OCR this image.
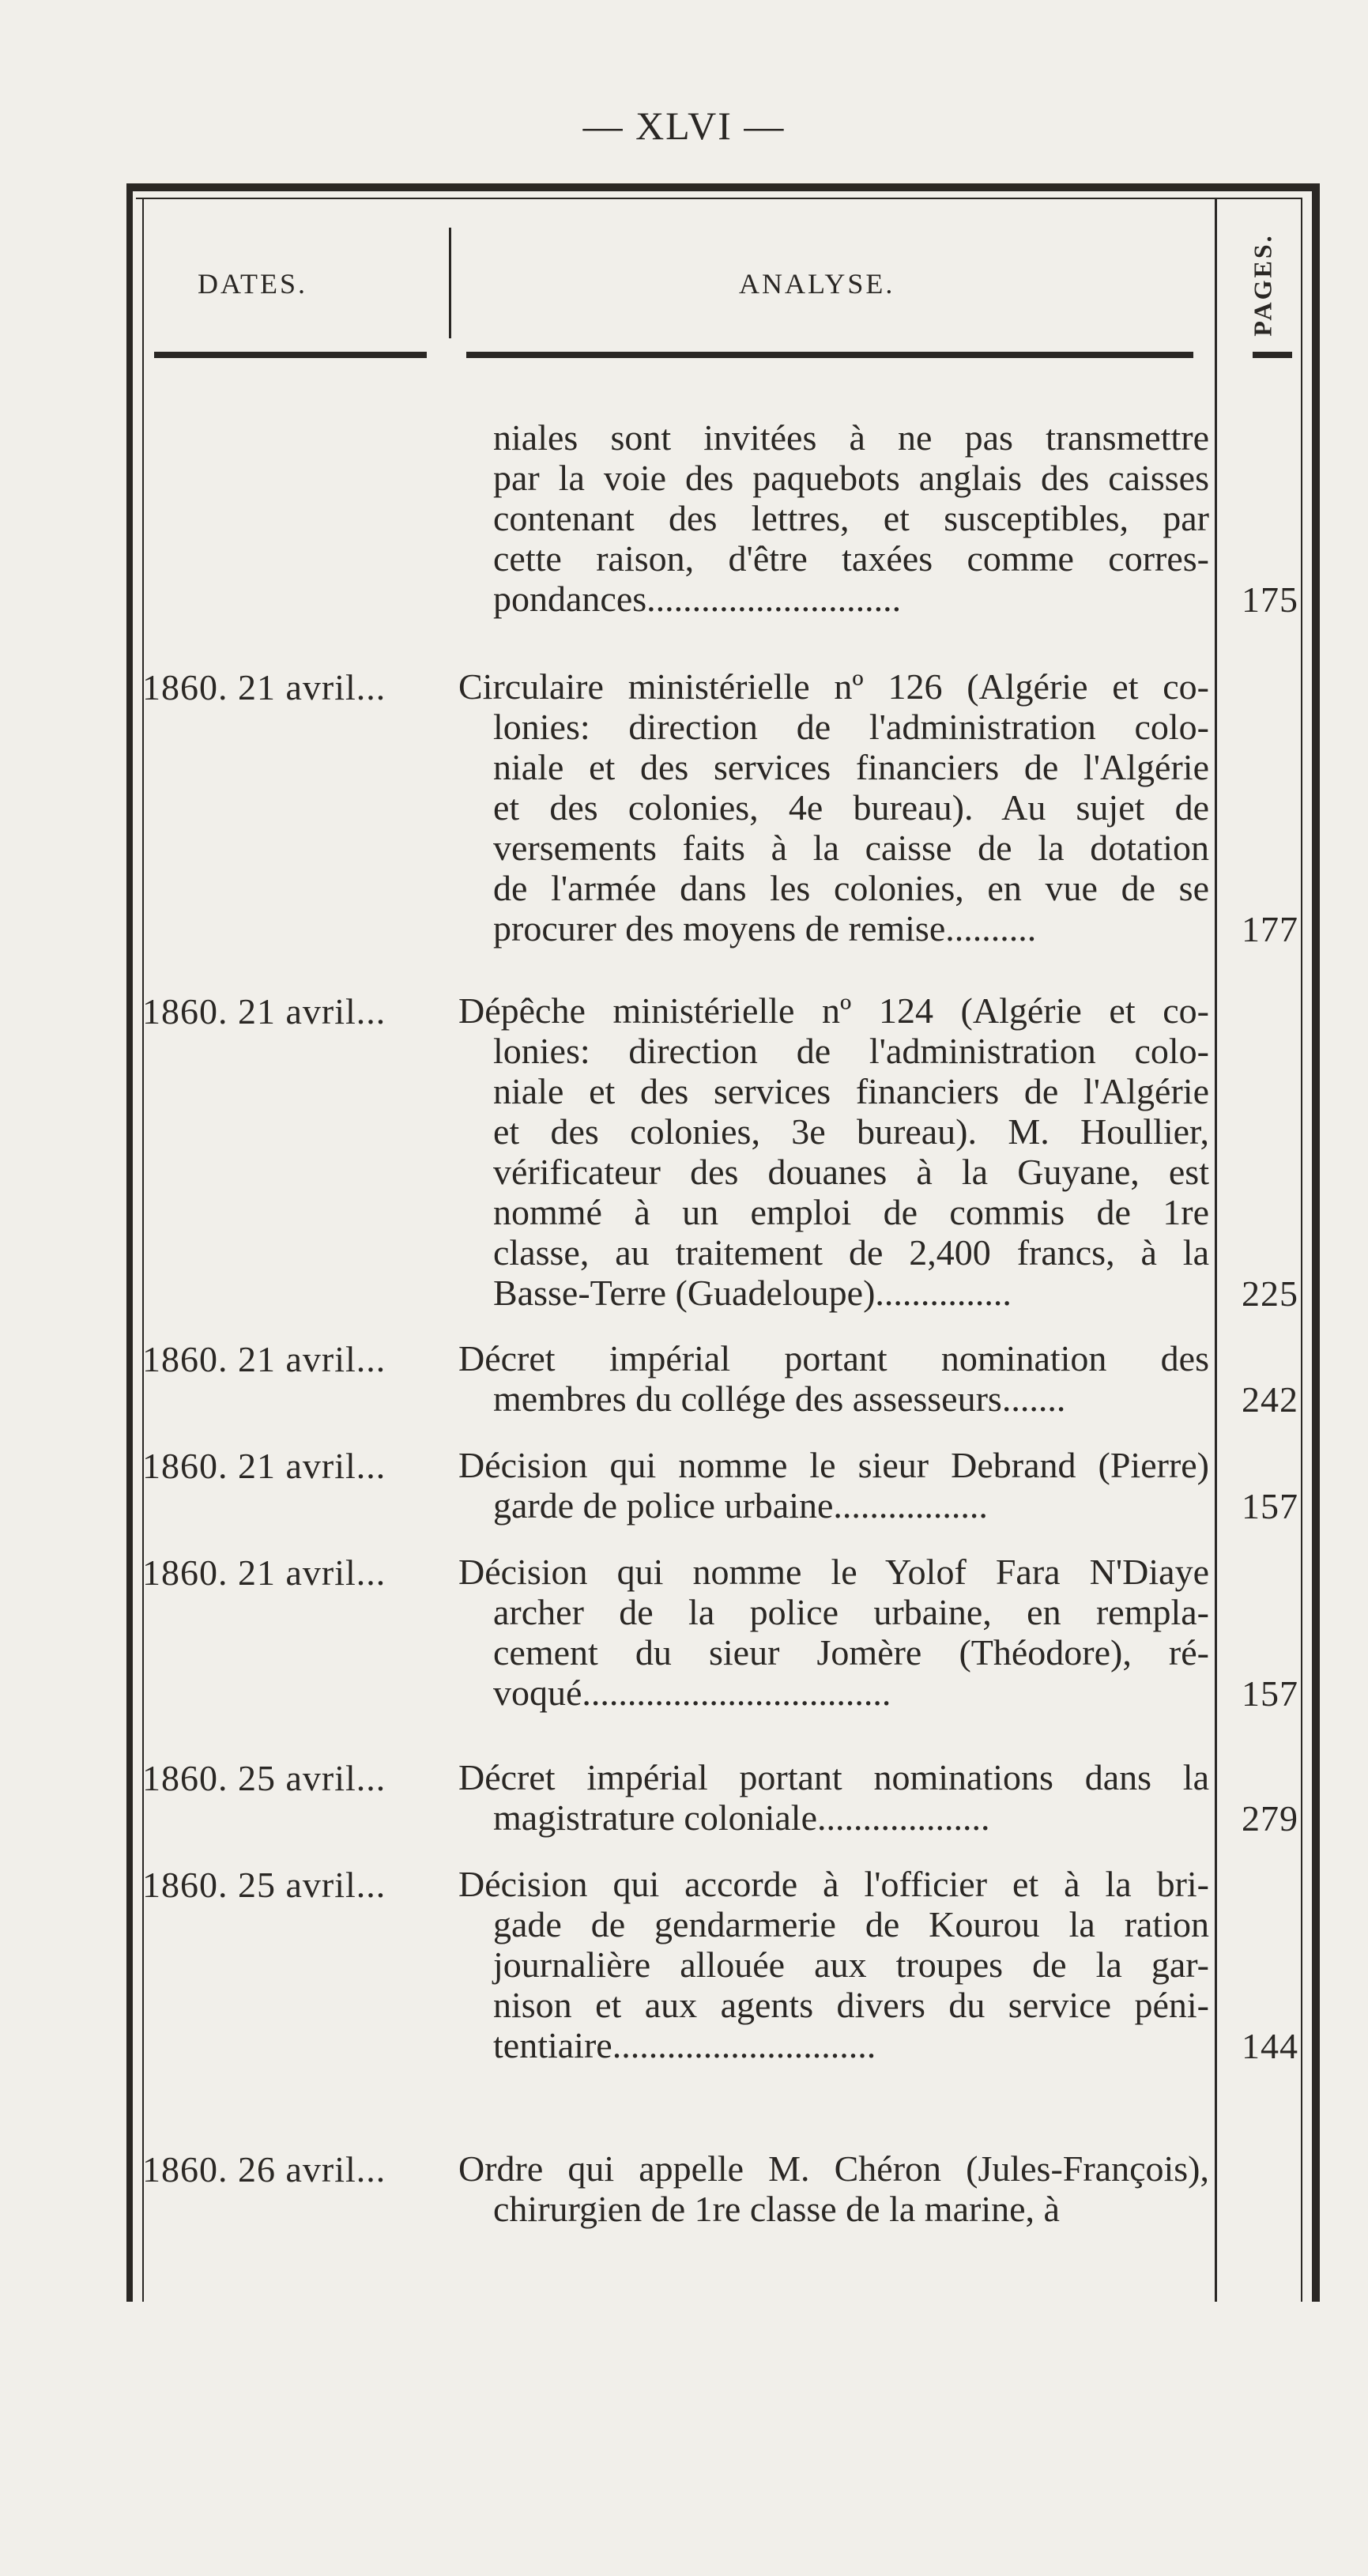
— XLVI —
DATES.	ANALYSE.	PAGES.
niales sont invitées à ne pas transmettre
par la voie des paquebots anglais des caisses
contenant des lettres, et susceptibles, par
cette raison, d'être taxées comme corres-
pondances............................	175
1860. 21 avril...	Circulaire ministérielle nº 126 (Algérie et co-
lonies: direction de l'administration colo-
niale et des services financiers de l'Algérie
et des colonies, 4e bureau). Au sujet de
versements faits à la caisse de la dotation
de l'armée dans les colonies, en vue de se
procurer des moyens de remise..........	177
1860. 21 avril...	Dépêche ministérielle nº 124 (Algérie et co-
lonies: direction de l'administration colo-
niale et des services financiers de l'Algérie
et des colonies, 3e bureau). M. Houllier,
vérificateur des douanes à la Guyane, est
nommé à un emploi de commis de 1re
classe, au traitement de 2,400 francs, à la
Basse-Terre (Guadeloupe)...............	225
1860. 21 avril...	Décret impérial portant nomination des
membres du collége des assesseurs.......	242
1860. 21 avril...	Décision qui nomme le sieur Debrand (Pierre)
garde de police urbaine.................	157
1860. 21 avril...	Décision qui nomme le Yolof Fara N'Diaye
archer de la police urbaine, en rempla-
cement du sieur Jomère (Théodore), ré-
voqué..................................	157
1860. 25 avril...	Décret impérial portant nominations dans la
magistrature coloniale...................	279
1860. 25 avril...	Décision qui accorde à l'officier et à la bri-
gade de gendarmerie de Kourou la ration
journalière allouée aux troupes de la gar-
nison et aux agents divers du service péni-
tentiaire.............................	144
1860. 26 avril...	Ordre qui appelle M. Chéron (Jules-François),
chirurgien de 1re classe de la marine, à
